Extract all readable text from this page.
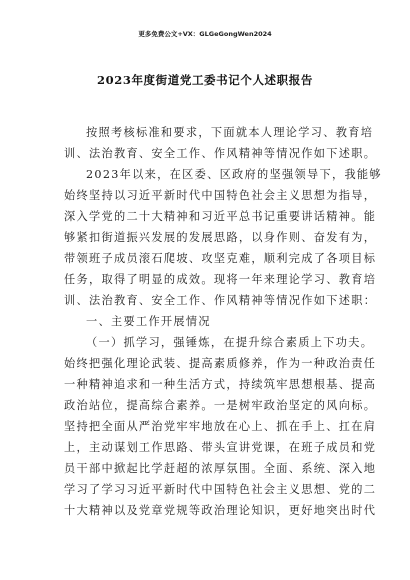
更多免费公文+VX：GLGeGongWen2024
2023年度街道党工委书记个人述职报告
按照考核标准和要求，下面就本人理论学习、教育培
训、法治教育、安全工作、作风精神等情况作如下述职。
2023年以来，在区委、区政府的坚强领导下，我能够
始终坚持以习近平新时代中国特色社会主义思想为指导，
深入学党的二十大精神和习近平总书记重要讲话精神。能
够紧扣街道振兴发展的发展思路，以身作则、奋发有为，
带领班子成员滚石爬坡、攻坚克难，顺利完成了各项目标
任务，取得了明显的成效。现将一年来理论学习、教育培
训、法治教育、安全工作、作风精神等情况作如下述职：
一、主要工作开展情况
（一）抓学习，强锤炼，在提升综合素质上下功夫。
始终把强化理论武装、提高素质修养，作为一种政治责任
一种精神追求和一种生活方式，持续筑牢思想根基、提高
政治站位，提高综合素养。一是树牢政治坚定的风向标。
坚持把全面从严治党牢牢地放在心上、抓在手上、扛在肩
上，主动谋划工作思路、带头宣讲党课，在班子成员和党
员干部中掀起比学赶超的浓厚氛围。全面、系统、深入地
学习了学习习近平新时代中国特色社会主义思想、党的二
十大精神以及党章党规等政治理论知识，更好地突出时代
